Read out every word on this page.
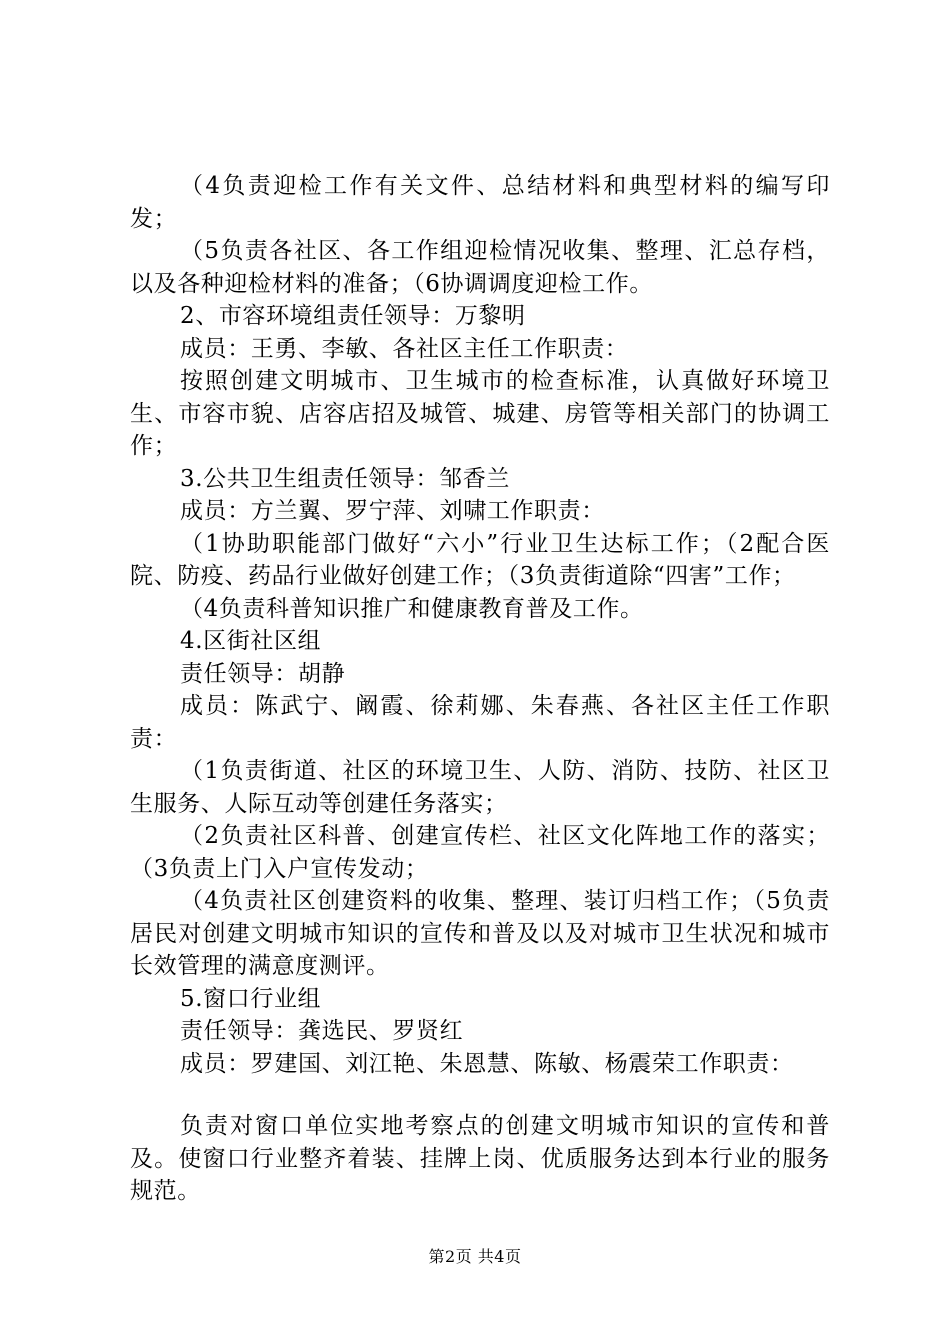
（4负责迎检工作有关文件、总结材料和典型材料的编写印发；

（5负责各社区、各工作组迎检情况收集、整理、汇总存档，以及各种迎检材料的准备；（6协调调度迎检工作。

2、市容环境组责任领导：万黎明

成员：王勇、李敏、各社区主任工作职责：

按照创建文明城市、卫生城市的检查标准，认真做好环境卫生、市容市貌、店容店招及城管、城建、房管等相关部门的协调工作；

3.公共卫生组责任领导：邹香兰

成员：方兰翼、罗宁萍、刘啸工作职责：

（1协助职能部门做好“六小”行业卫生达标工作；（2配合医院、防疫、药品行业做好创建工作；（3负责街道除“四害”工作；

（4负责科普知识推广和健康教育普及工作。

4.区街社区组

责任领导：胡静

成员：陈武宁、阚霞、徐莉娜、朱春燕、各社区主任工作职责：

（1负责街道、社区的环境卫生、人防、消防、技防、社区卫生服务、人际互动等创建任务落实；

（2负责社区科普、创建宣传栏、社区文化阵地工作的落实；（3负责上门入户宣传发动；

（4负责社区创建资料的收集、整理、装订归档工作；（5负责居民对创建文明城市知识的宣传和普及以及对城市卫生状况和城市长效管理的满意度测评。

5.窗口行业组

责任领导：龚选民、罗贤红

成员：罗建国、刘江艳、朱恩慧、陈敏、杨震荣工作职责：

负责对窗口单位实地考察点的创建文明城市知识的宣传和普及。使窗口行业整齐着装、挂牌上岗、优质服务达到本行业的服务规范。

第2页 共4页
